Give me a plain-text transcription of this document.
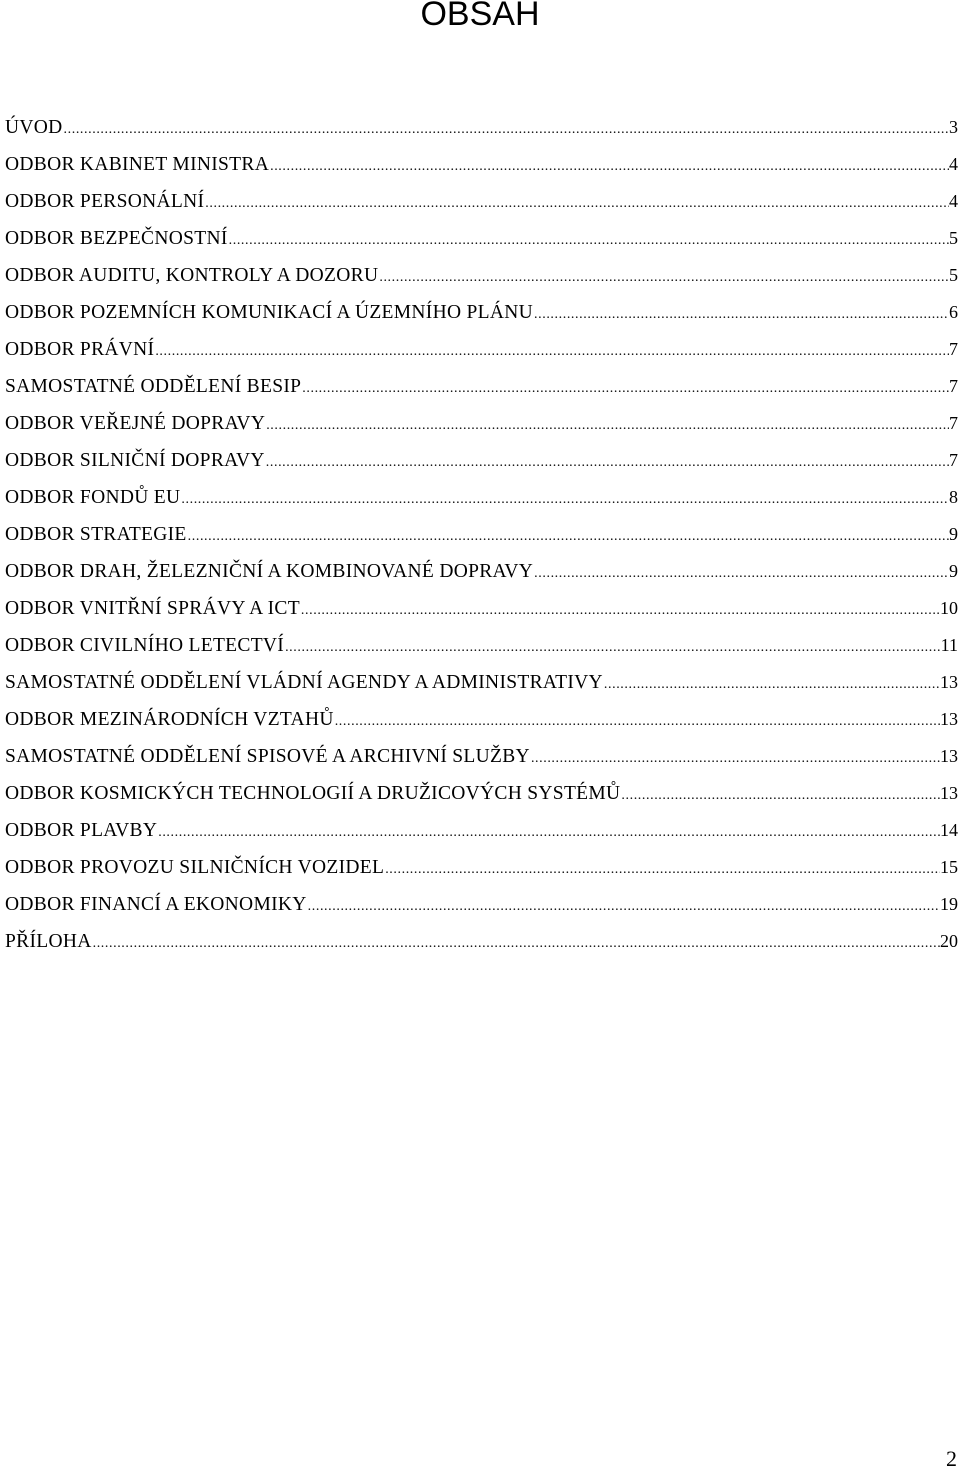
OBSAH
ÚVOD .....	3
ODBOR KABINET MINISTRA .....	4
ODBOR PERSONÁLNÍ .....	4
ODBOR BEZPEČNOSTNÍ .....	5
ODBOR AUDITU, KONTROLY A DOZORU .....	5
ODBOR POZEMNÍCH KOMUNIKACÍ A ÚZEMNÍHO PLÁNU .....	6
ODBOR PRÁVNÍ .....	7
SAMOSTATNÉ ODDĚLENÍ BESIP .....	7
ODBOR VEŘEJNÉ DOPRAVY .....	7
ODBOR SILNIČNÍ DOPRAVY .....	7
ODBOR FONDŮ EU .....	8
ODBOR STRATEGIE .....	9
ODBOR DRAH, ŽELEZNIČNÍ A KOMBINOVANÉ DOPRAVY .....	9
ODBOR VNITŘNÍ SPRÁVY A ICT .....	10
ODBOR CIVILNÍHO LETECTVÍ .....	11
SAMOSTATNÉ ODDĚLENÍ VLÁDNÍ AGENDY A ADMINISTRATIVY .....	13
ODBOR MEZINÁRODNÍCH VZTAHŮ .....	13
SAMOSTATNÉ ODDĚLENÍ SPISOVÉ A ARCHIVNÍ SLUŽBY .....	13
ODBOR KOSMICKÝCH TECHNOLOGIÍ A DRUŽICOVÝCH SYSTÉMŮ .....	13
ODBOR PLAVBY .....	14
ODBOR PROVOZU SILNIČNÍCH VOZIDEL .....	15
ODBOR FINANCÍ A EKONOMIKY .....	19
PŘÍLOHA .....	20
2
